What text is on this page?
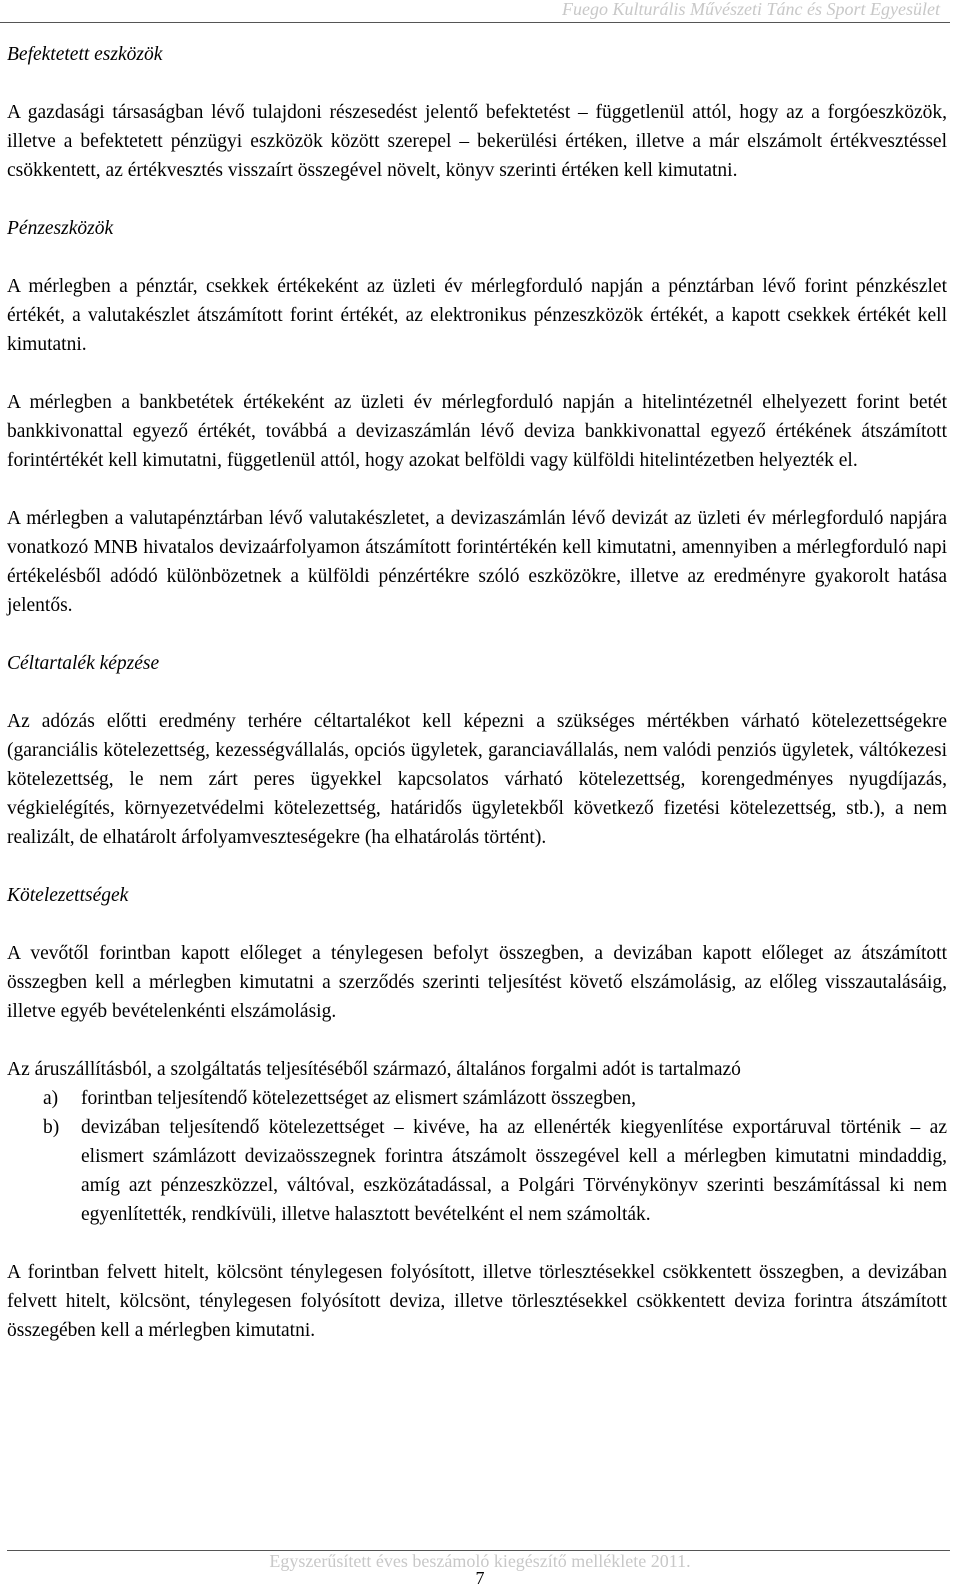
Fuego Kulturális Művészeti Tánc és Sport Egyesület

Befektetett eszközök

A gazdasági társaságban lévő tulajdoni részesedést jelentő befektetést – függetlenül attól, hogy az a forgóeszközök, illetve a befektetett pénzügyi eszközök között szerepel – bekerülési értéken, illetve a már elszámolt értékvesztéssel csökkentett, az értékvesztés visszaírt összegével növelt, könyv szerinti értéken kell kimutatni.

Pénzeszközök

A mérlegben a pénztár, csekkek értékeként az üzleti év mérlegforduló napján a pénztárban lévő forint pénzkészlet értékét, a valutakészlet átszámított forint értékét, az elektronikus pénzeszközök értékét, a kapott csekkek értékét kell kimutatni.

A mérlegben a bankbetétek értékeként az üzleti év mérlegforduló napján a hitelintézetnél elhelyezett forint betét bankkivonattal egyező értékét, továbbá a devizaszámlán lévő deviza bankkivonattal egyező értékének átszámított forintértékét kell kimutatni, függetlenül attól, hogy azokat belföldi vagy külföldi hitelintézetben helyezték el.

A mérlegben a valutapénztárban lévő valutakészletet, a devizaszámlán lévő devizát az üzleti év mérlegforduló napjára vonatkozó MNB hivatalos devizaárfolyamon átszámított forintértékén kell kimutatni, amennyiben a mérlegforduló napi értékelésből adódó különbözetnek a külföldi pénzértékre szóló eszközökre, illetve az eredményre gyakorolt hatása jelentős.

Céltartalék képzése

Az adózás előtti eredmény terhére céltartalékot kell képezni a szükséges mértékben várható kötelezettségekre (garanciális kötelezettség, kezességvállalás, opciós ügyletek, garanciavállalás, nem valódi penziós ügyletek, váltókezesi kötelezettség, le nem zárt peres ügyekkel kapcsolatos várható kötelezettség, korengedményes nyugdíjazás, végkielégítés, környezetvédelmi kötelezettség, határidős ügyletekből következő fizetési kötelezettség, stb.), a nem realizált, de elhatárolt árfolyamveszteségekre (ha elhatárolás történt).

Kötelezettségek

A vevőtől forintban kapott előleget a ténylegesen befolyt összegben, a devizában kapott előleget az átszámított összegben kell a mérlegben kimutatni a szerződés szerinti teljesítést követő elszámolásig, az előleg visszautalásáig, illetve egyéb bevételenkénti elszámolásig.

Az áruszállításból, a szolgáltatás teljesítéséből származó, általános forgalmi adót is tartalmazó

a)	forintban teljesítendő kötelezettséget az elismert számlázott összegben,
b)	devizában teljesítendő kötelezettséget – kivéve, ha az ellenérték kiegyenlítése exportáruval történik – az elismert számlázott devizaösszegnek forintra átszámolt összegével kell a mérlegben kimutatni mindaddig, amíg azt pénzeszközzel, váltóval, eszközátadással, a Polgári Törvénykönyv szerinti beszámítással ki nem egyenlítették, rendkívüli, illetve halasztott bevételként el nem számolták.

A forintban felvett hitelt, kölcsönt ténylegesen folyósított, illetve törlesztésekkel csökkentett összegben, a devizában felvett hitelt, kölcsönt, ténylegesen folyósított deviza, illetve törlesztésekkel csökkentett deviza forintra átszámított összegében kell a mérlegben kimutatni.

Egyszerűsített éves beszámoló kiegészítő melléklete 2011.
7
